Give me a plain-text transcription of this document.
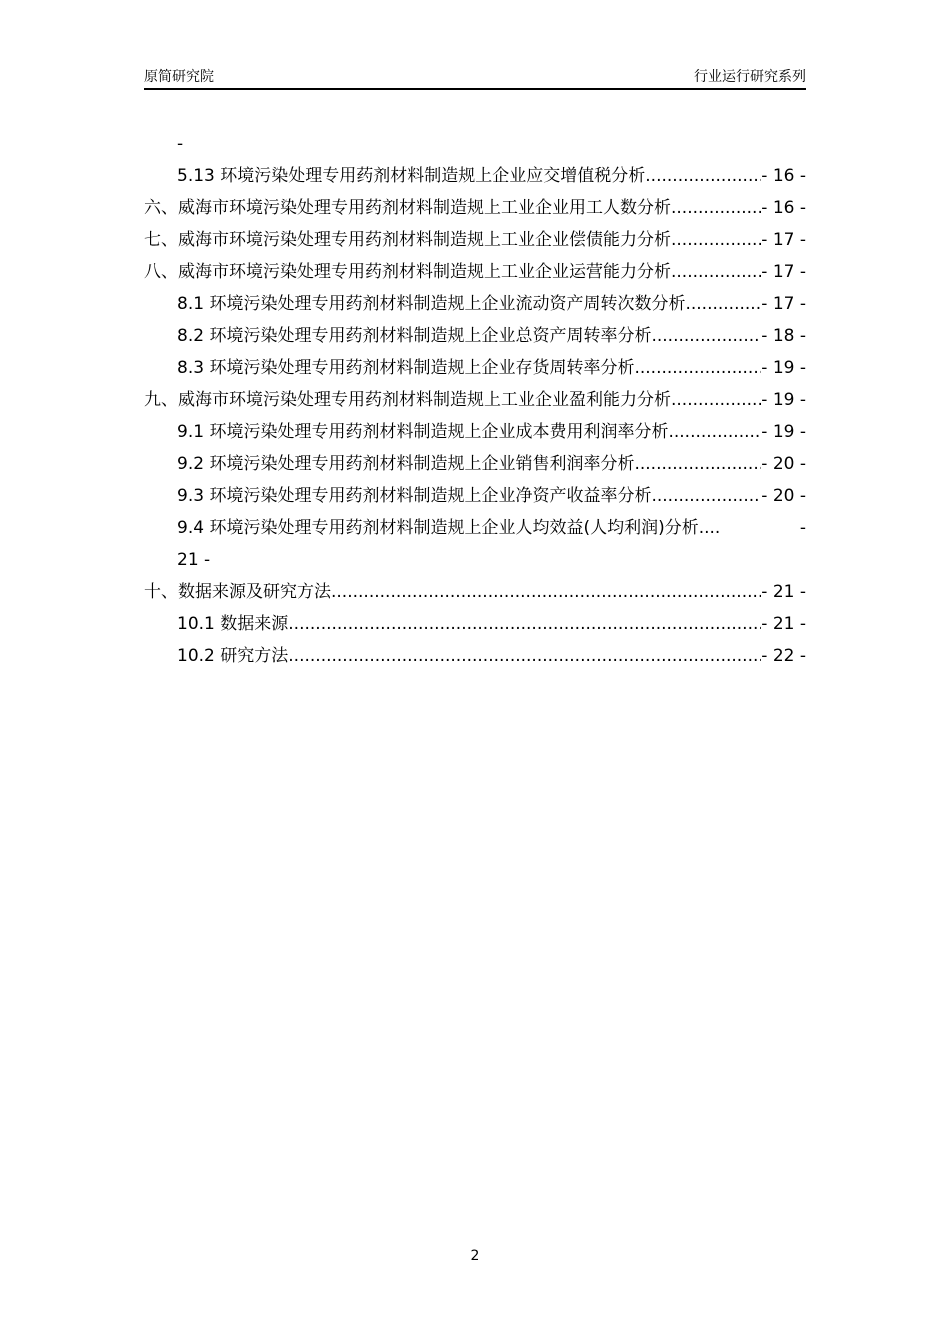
原简研究院	行业运行研究系列
-
5.13 环境污染处理专用药剂材料制造规上企业应交增值税分析 .....	- 16 -
六、威海市环境污染处理专用药剂材料制造规上工业企业用工人数分析 .....	- 16 -
七、威海市环境污染处理专用药剂材料制造规上工业企业偿债能力分析 .....	- 17 -
八、威海市环境污染处理专用药剂材料制造规上工业企业运营能力分析 .....	- 17 -
8.1 环境污染处理专用药剂材料制造规上企业流动资产周转次数分析 .....	- 17 -
8.2 环境污染处理专用药剂材料制造规上企业总资产周转率分析 .....	- 18 -
8.3 环境污染处理专用药剂材料制造规上企业存货周转率分析 .....	- 19 -
九、威海市环境污染处理专用药剂材料制造规上工业企业盈利能力分析 .....	- 19 -
9.1 环境污染处理专用药剂材料制造规上企业成本费用利润率分析 .....	- 19 -
9.2 环境污染处理专用药剂材料制造规上企业销售利润率分析 .....	- 20 -
9.3 环境污染处理专用药剂材料制造规上企业净资产收益率分析 .....	- 20 -
9.4 环境污染处理专用药剂材料制造规上企业人均效益(人均利润)分析 ....	-
21 -
十、数据来源及研究方法 .....	- 21 -
10.1 数据来源 .....	- 21 -
10.2 研究方法 .....	- 22 -
2
